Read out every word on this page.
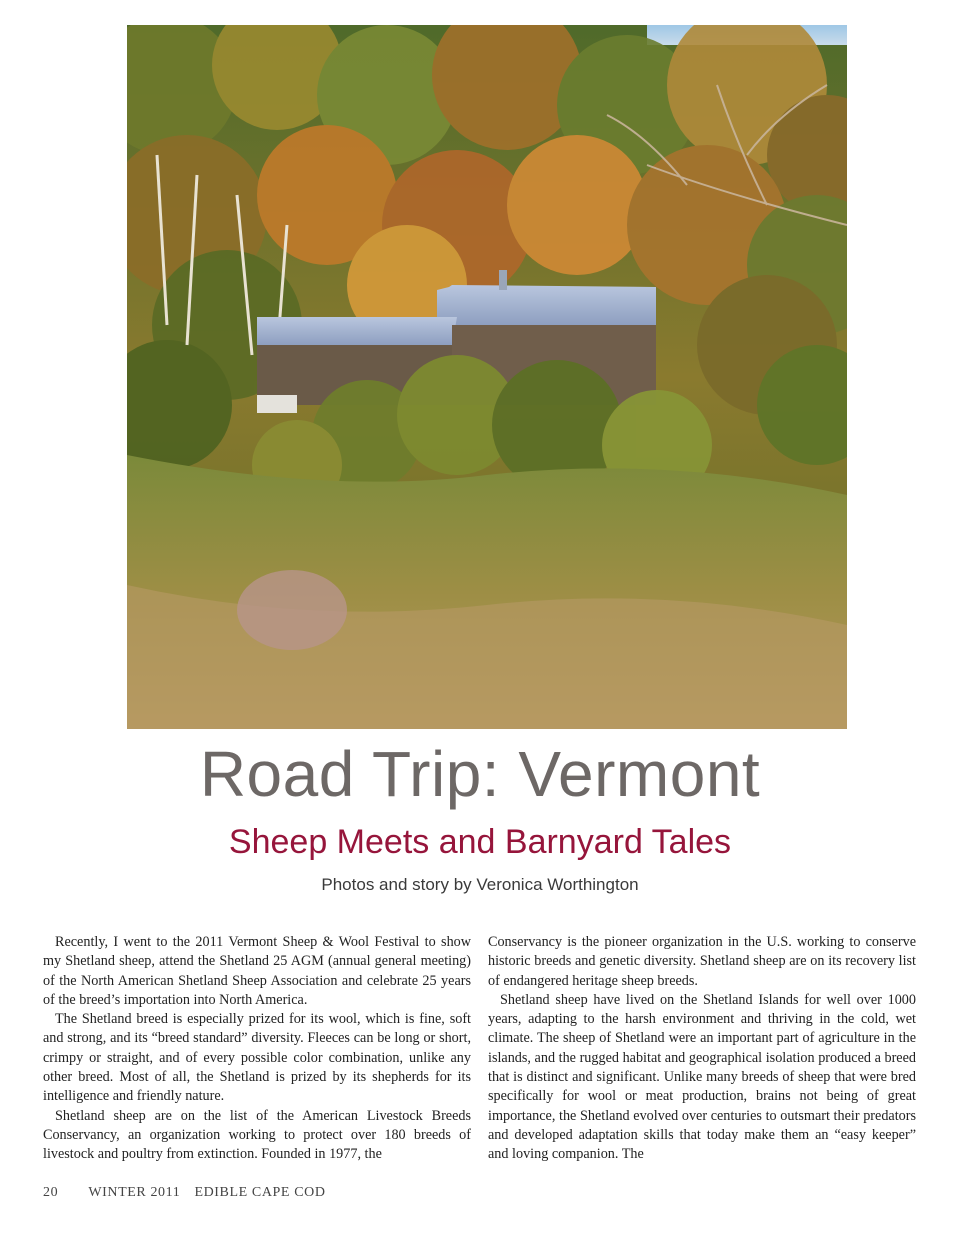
Road Trip: Vermont
Sheep Meets and Barnyard Tales
Photos and story by Veronica Worthington

Recently, I went to the 2011 Vermont Sheep & Wool Festival to show my Shetland sheep, attend the Shetland 25 AGM (annual general meeting) of the North American Shetland Sheep Association and celebrate 25 years of the breed’s importation into North America.

The Shetland breed is especially prized for its wool, which is fine, soft and strong, and its “breed standard” diversity. Fleeces can be long or short, crimpy or straight, and of every possible color combination, unlike any other breed. Most of all, the Shetland is prized by its shepherds for its intelligence and friendly nature.

Shetland sheep are on the list of the American Livestock Breeds Conservancy, an organization working to protect over 180 breeds of livestock and poultry from extinction. Founded in 1977, the

Conservancy is the pioneer organization in the U.S. working to conserve historic breeds and genetic diversity. Shetland sheep are on its recovery list of endangered heritage sheep breeds.

Shetland sheep have lived on the Shetland Islands for well over 1000 years, adapting to the harsh environment and thriving in the cold, wet climate. The sheep of Shetland were an important part of agriculture in the islands, and the rugged habitat and geographical isolation produced a breed that is distinct and significant. Unlike many breeds of sheep that were bred specifically for wool or meat production, brains not being of great importance, the Shetland evolved over centuries to outsmart their predators and developed adaptation skills that today make them an “easy keeper” and loving companion. The

20 WINTER 2011 EDIBLE CAPE COD
